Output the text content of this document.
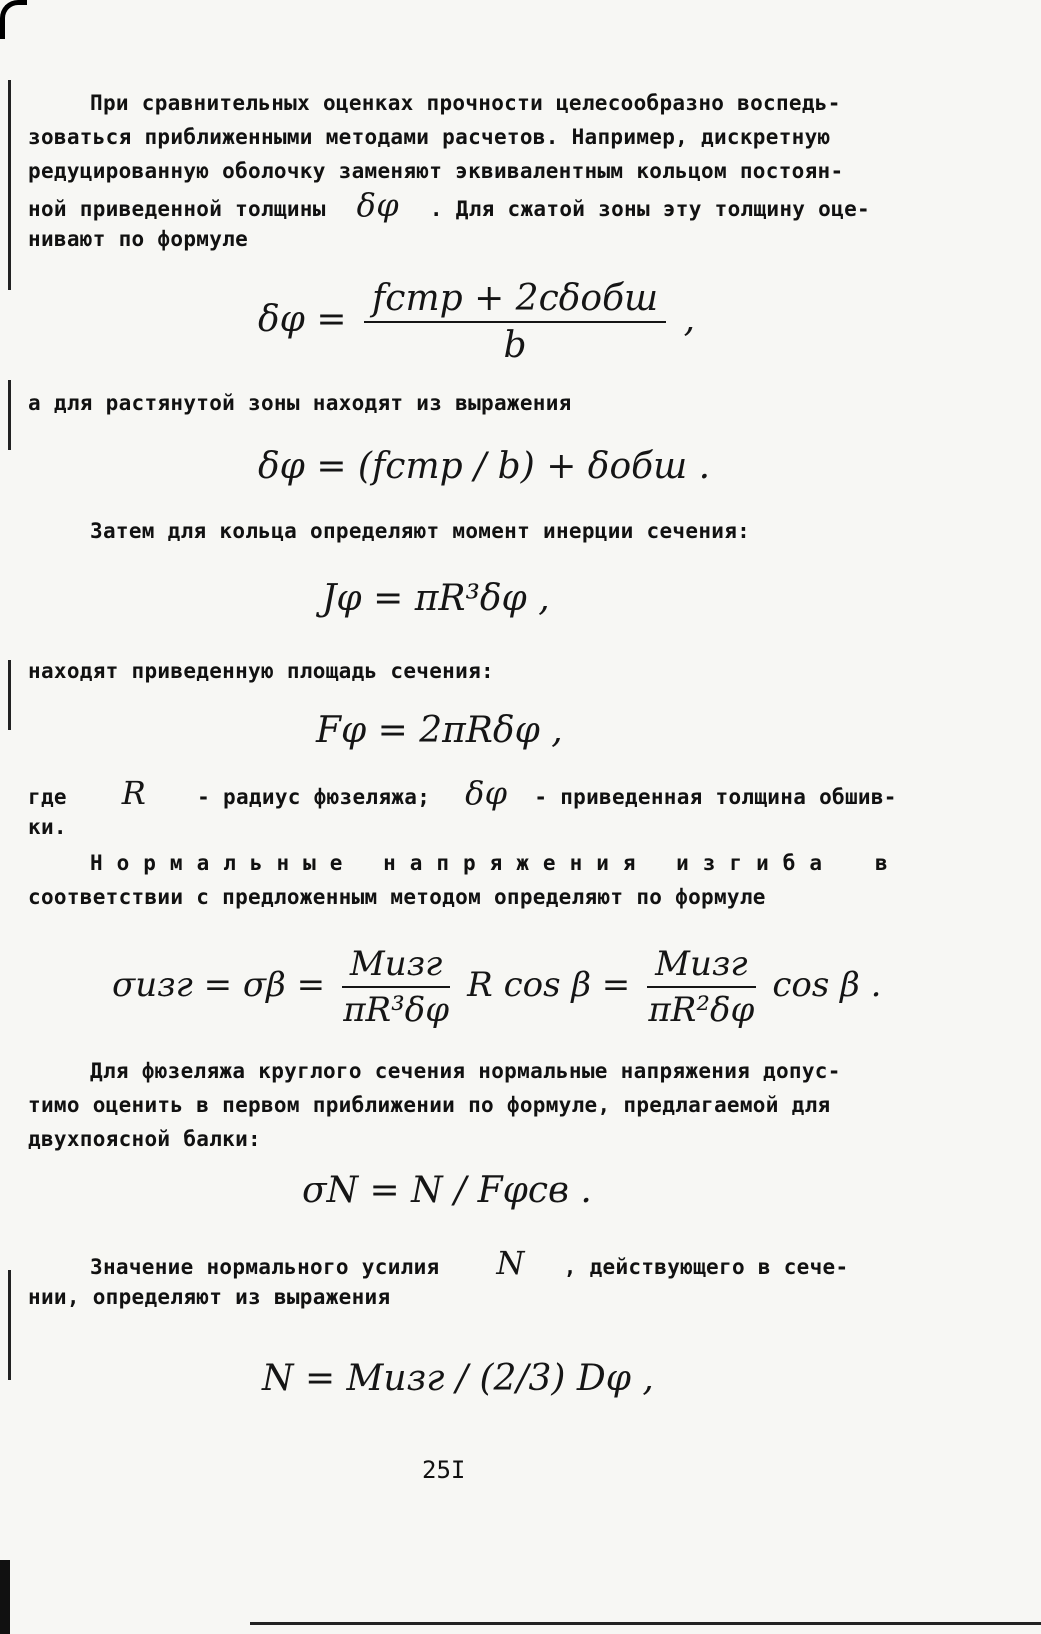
При сравнительных оценках прочности целесообразно воспедь-
зоваться приближенными методами расчетов. Например, дискретную
редуцированную оболочку заменяют эквивалентным кольцом постоян-
ной приведенной толщины δφ . Для сжатой зоны эту толщину оце-
нивают по формуле
$\delta\varphi = \frac{\text{fстр + 2cδобш}}{b}$ ,
а для растянутой зоны находят из выражения
δφ = (fстр / b) + δобш .
Затем для кольца определяют момент инерции сечения:
Jφ = πR³δφ ,
находят приведенную площадь сечения:
Fφ = 2πRδφ ,
где R - радиус фюзеляжа; δφ - приведенная толщина обшив-
ки.
Нормальные напряжения изгиба в
соответствии с предложенным методом определяют по формуле
$\sigma изг = \sigma\beta = \frac{\text{Mизг}}{\text{πR³δφ}}$ R $\cos \beta = \frac{\text{Mизг}}{\text{πR²δφ}}$ cos β .
Для фюзеляжа круглого сечения нормальные напряжения допус-
тимо оценить в первом приближении по формуле, предлагаемой для
двухпоясной балки:
σN = N / Fφсв .
Значение нормального усилия N , действующего в сече-
нии, определяют из выражения
N = Mизг / (2/3) Dφ ,
25I
